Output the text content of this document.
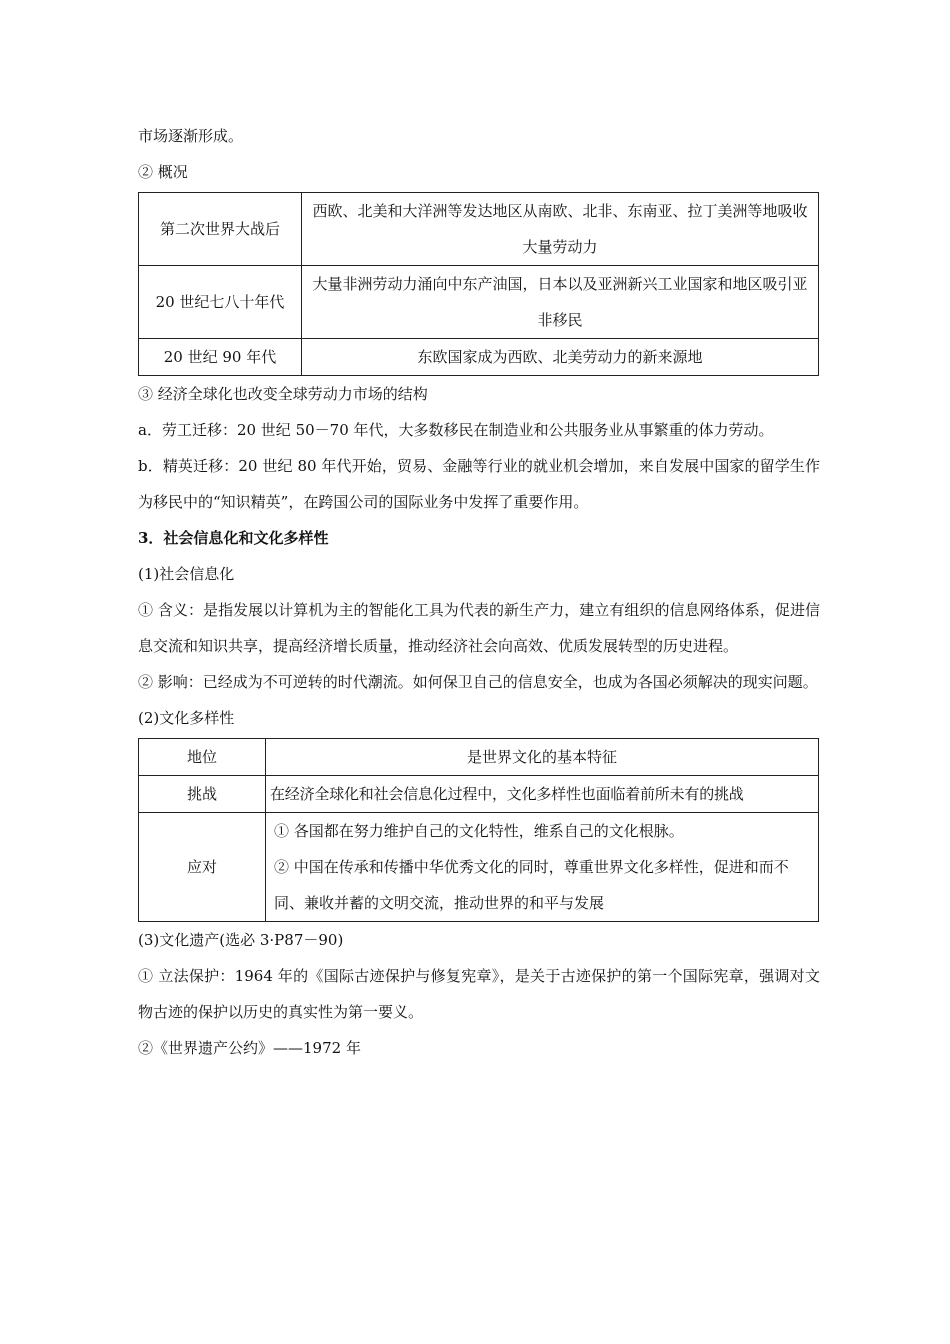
市场逐渐形成。

② 概况

第二次世界大战后	西欧、北美和大洋洲等发达地区从南欧、北非、东南亚、拉丁美洲等地吸收大量劳动力
20 世纪七八十年代	大量非洲劳动力涌向中东产油国，日本以及亚洲新兴工业国家和地区吸引亚非移民
20 世纪 90 年代	东欧国家成为西欧、北美劳动力的新来源地

③ 经济全球化也改变全球劳动力市场的结构

a．劳工迁移：20 世纪 50－70 年代，大多数移民在制造业和公共服务业从事繁重的体力劳动。

b．精英迁移：20 世纪 80 年代开始，贸易、金融等行业的就业机会增加，来自发展中国家的留学生作为移民中的“知识精英”，在跨国公司的国际业务中发挥了重要作用。

3．社会信息化和文化多样性

(1)社会信息化

① 含义：是指发展以计算机为主的智能化工具为代表的新生产力，建立有组织的信息网络体系，促进信息交流和知识共享，提高经济增长质量，推动经济社会向高效、优质发展转型的历史进程。

② 影响：已经成为不可逆转的时代潮流。如何保卫自己的信息安全，也成为各国必须解决的现实问题。

(2)文化多样性

地位	是世界文化的基本特征
挑战	在经济全球化和社会信息化过程中，文化多样性也面临着前所未有的挑战
应对	① 各国都在努力维护自己的文化特性，维系自己的文化根脉。
② 中国在传承和传播中华优秀文化的同时，尊重世界文化多样性，促进和而不同、兼收并蓄的文明交流，推动世界的和平与发展

(3)文化遗产(选必 3·P87－90)

① 立法保护：1964 年的《国际古迹保护与修复宪章》，是关于古迹保护的第一个国际宪章，强调对文物古迹的保护以历史的真实性为第一要义。

②《世界遗产公约》——1972 年
